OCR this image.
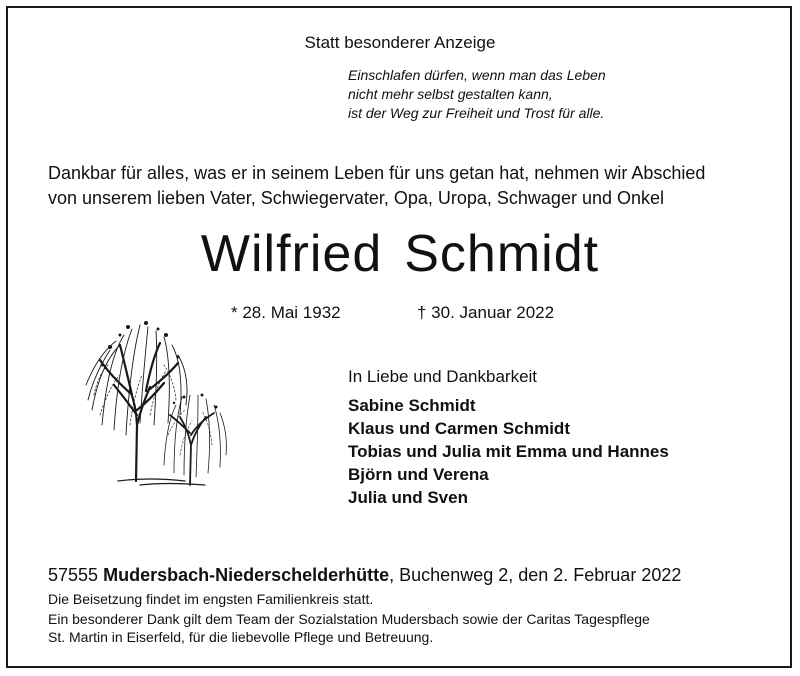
Statt besonderer Anzeige
Einschlafen dürfen, wenn man das Leben
nicht mehr selbst gestalten kann,
ist der Weg zur Freiheit und Trost für alle.
Dankbar für alles, was er in seinem Leben für uns getan hat, nehmen wir Abschied
von unserem lieben Vater, Schwiegervater, Opa, Uropa, Schwager und Onkel
Wilfried Schmidt
* 28. Mai 1932	† 30. Januar 2022
In Liebe und Dankbarkeit
Sabine Schmidt
Klaus und Carmen Schmidt
Tobias und Julia mit Emma und Hannes
Björn und Verena
Julia und Sven
57555 Mudersbach-Niederschelderhütte, Buchenweg 2, den 2. Februar 2022
Die Beisetzung findet im engsten Familienkreis statt.
Ein besonderer Dank gilt dem Team der Sozialstation Mudersbach sowie der Caritas Tagespflege
St. Martin in Eiserfeld, für die liebevolle Pflege und Betreuung.
